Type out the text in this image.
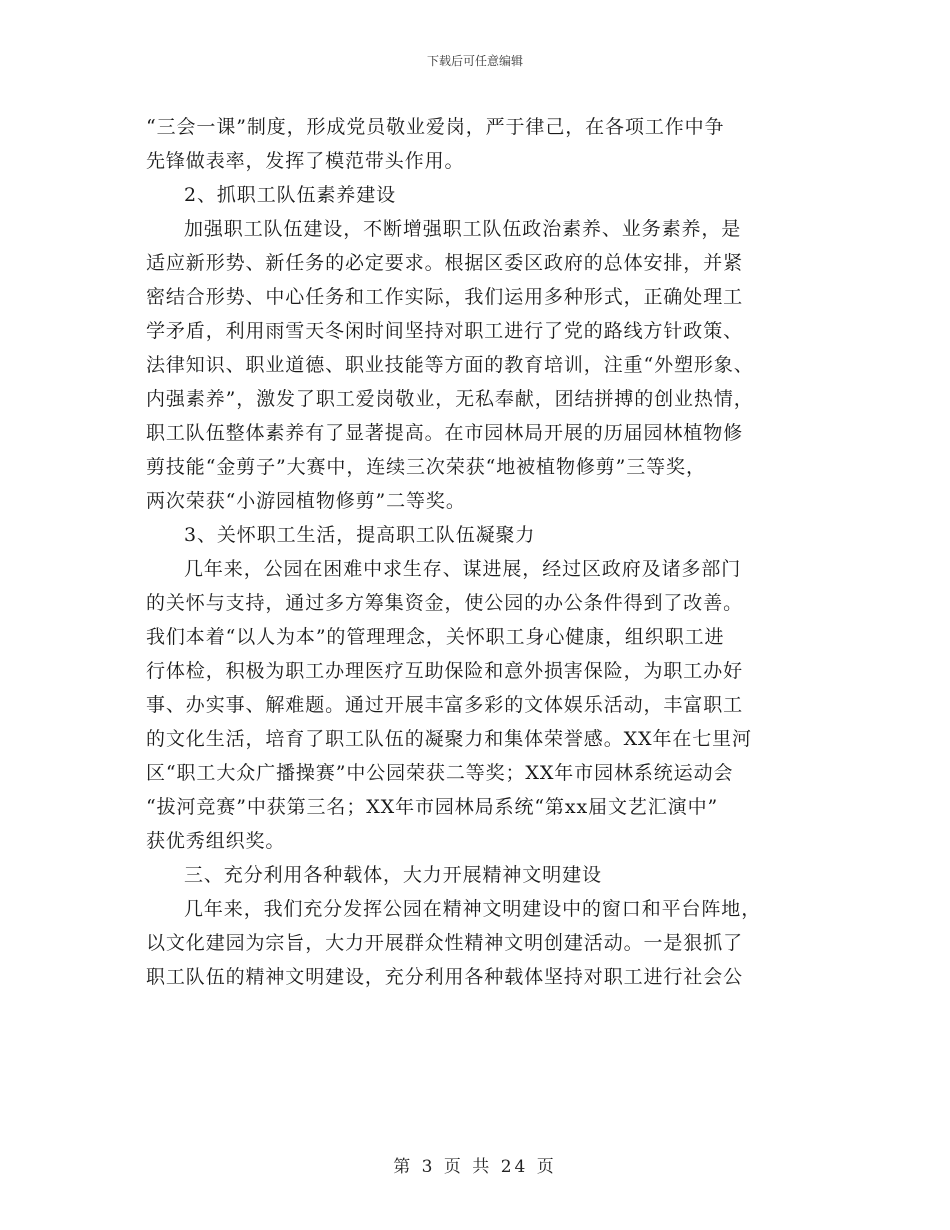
下载后可任意编辑
“三会一课”制度，形成党员敬业爱岗，严于律己，在各项工作中争
先锋做表率，发挥了模范带头作用。
2、抓职工队伍素养建设
加强职工队伍建设，不断增强职工队伍政治素养、业务素养，是
适应新形势、新任务的必定要求。根据区委区政府的总体安排，并紧
密结合形势、中心任务和工作实际，我们运用多种形式，正确处理工
学矛盾，利用雨雪天冬闲时间坚持对职工进行了党的路线方针政策、
法律知识、职业道德、职业技能等方面的教育培训，注重“外塑形象、
内强素养”，激发了职工爱岗敬业，无私奉献，团结拼搏的创业热情，
职工队伍整体素养有了显著提高。在市园林局开展的历届园林植物修
剪技能“金剪子”大赛中，连续三次荣获“地被植物修剪”三等奖，
两次荣获“小游园植物修剪”二等奖。
3、关怀职工生活，提高职工队伍凝聚力
几年来，公园在困难中求生存、谋进展，经过区政府及诸多部门
的关怀与支持，通过多方筹集资金，使公园的办公条件得到了改善。
我们本着“以人为本”的管理理念，关怀职工身心健康，组织职工进
行体检，积极为职工办理医疗互助保险和意外损害保险，为职工办好
事、办实事、解难题。通过开展丰富多彩的文体娱乐活动，丰富职工
的文化生活，培育了职工队伍的凝聚力和集体荣誉感。XX年在七里河
区“职工大众广播操赛”中公园荣获二等奖；XX年市园林系统运动会
“拔河竞赛”中获第三名；XX年市园林局系统“第xx届文艺汇演中”
获优秀组织奖。
三、充分利用各种载体，大力开展精神文明建设
几年来，我们充分发挥公园在精神文明建设中的窗口和平台阵地，
以文化建园为宗旨，大力开展群众性精神文明创建活动。一是狠抓了
职工队伍的精神文明建设，充分利用各种载体坚持对职工进行社会公
第 3 页 共 24 页
